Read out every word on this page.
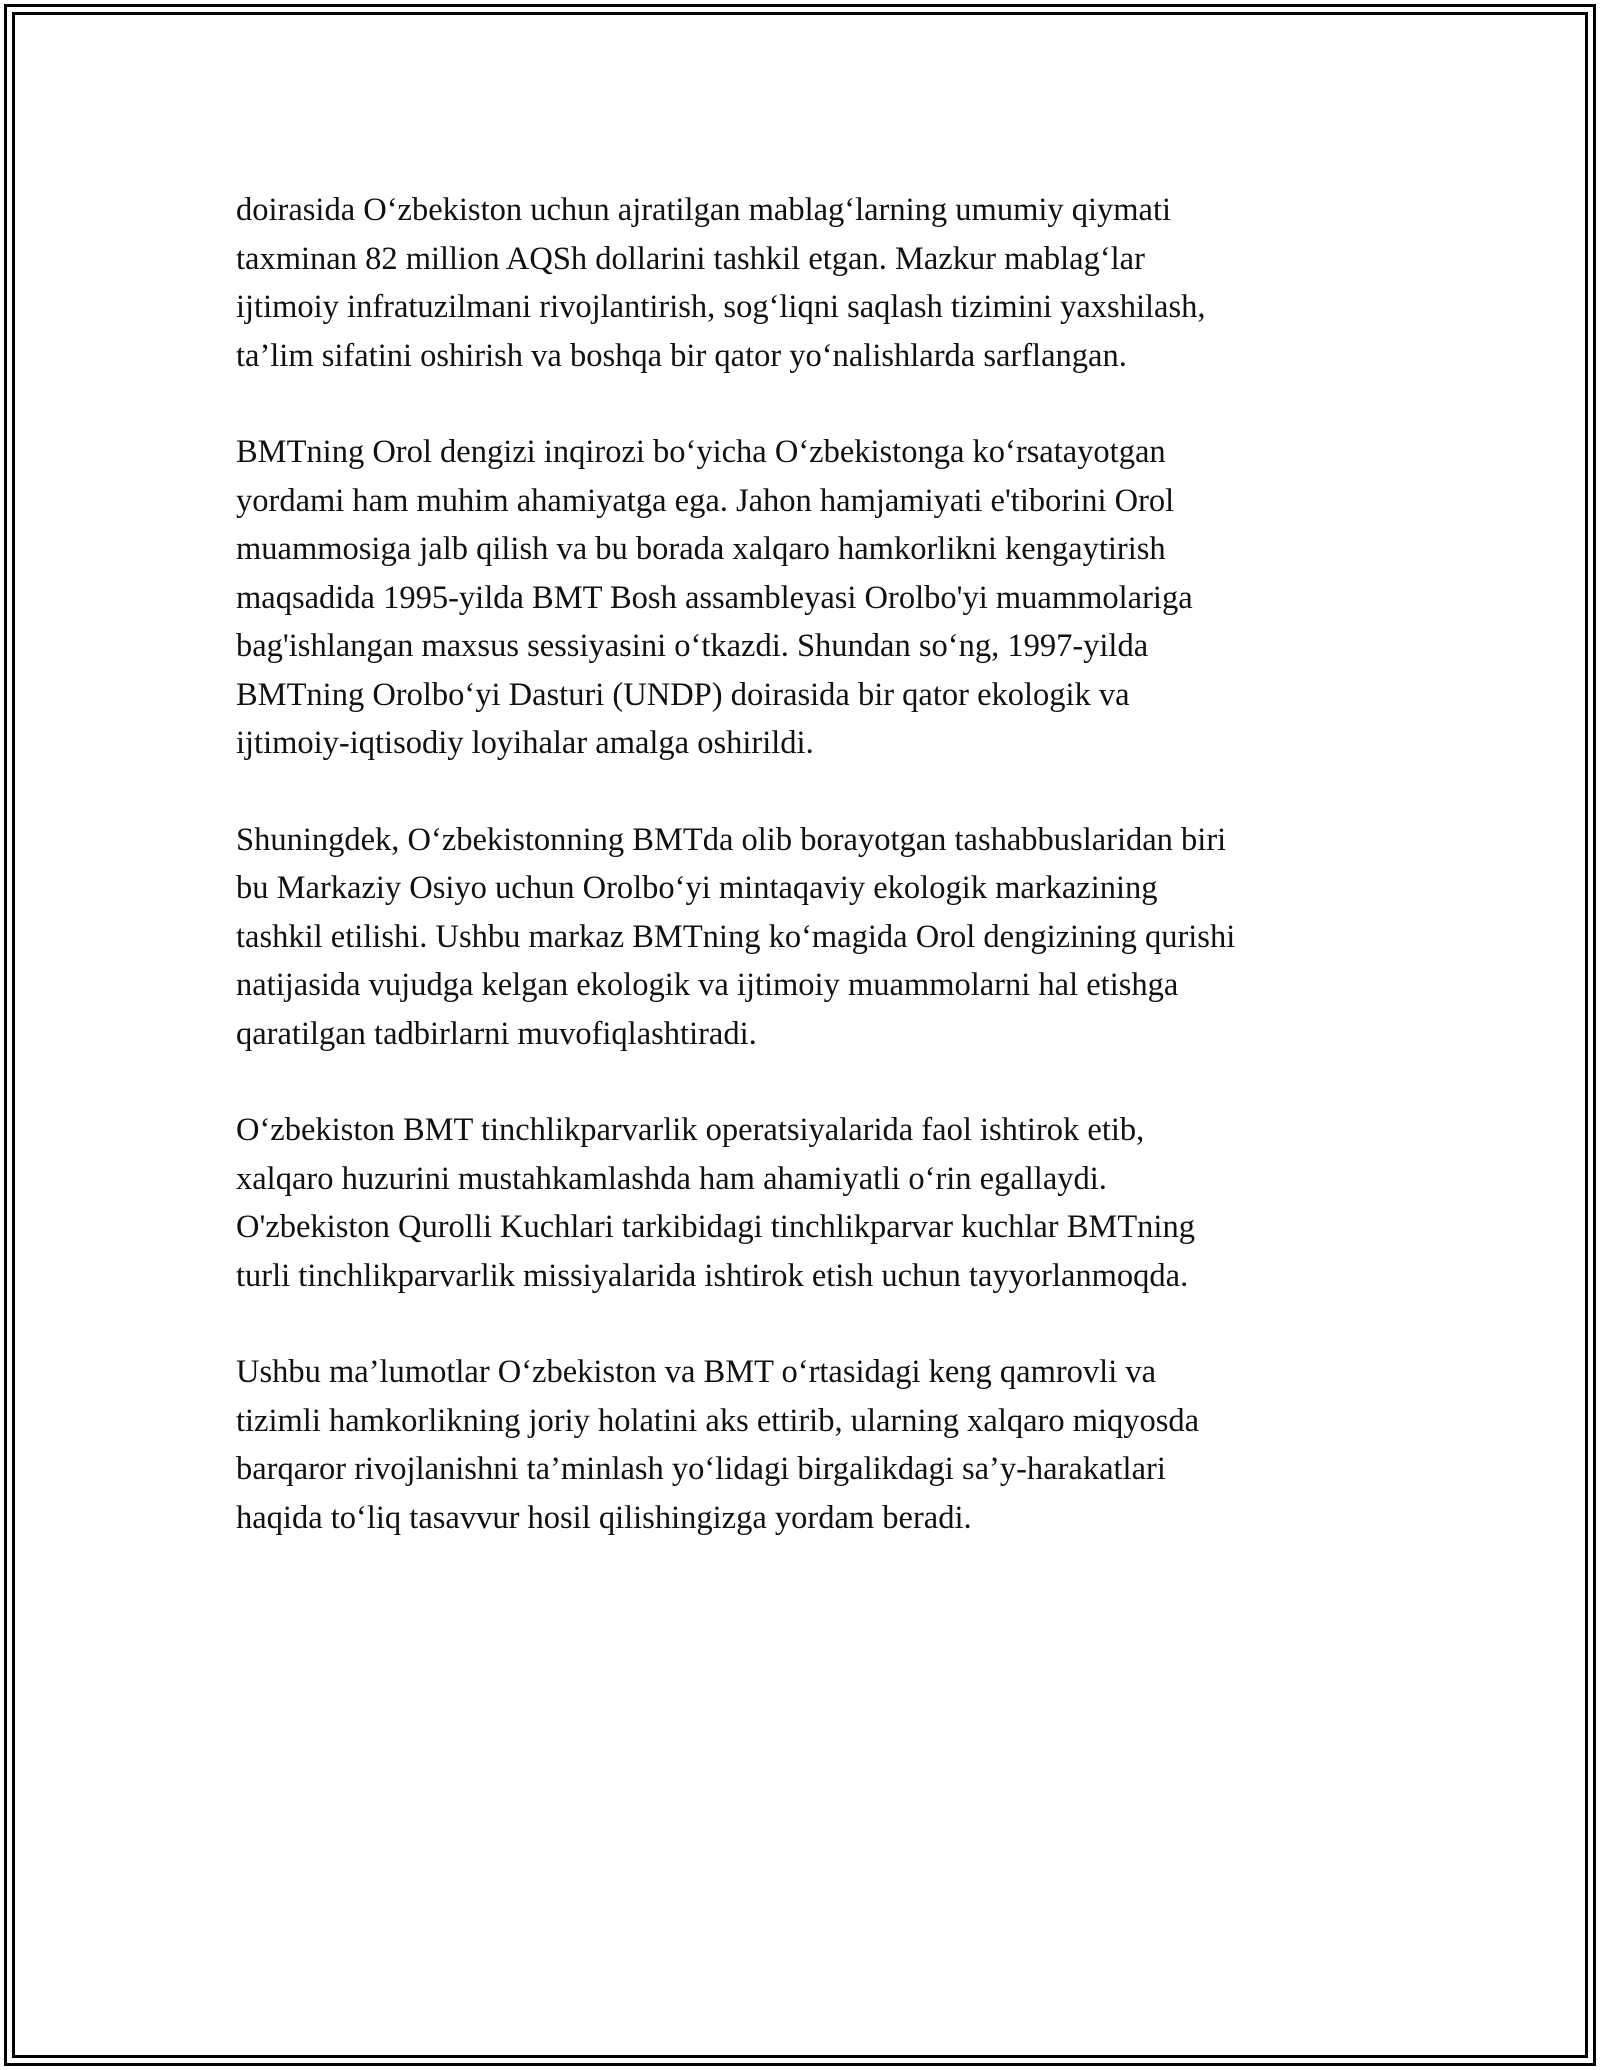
doirasida O‘zbekiston uchun ajratilgan mablag‘larning umumiy qiymati
taxminan 82 million AQSh dollarini tashkil etgan. Mazkur mablag‘lar
ijtimoiy infratuzilmani rivojlantirish, sog‘liqni saqlash tizimini yaxshilash,
ta’lim sifatini oshirish va boshqa bir qator yo‘nalishlarda sarflangan.

BMTning Orol dengizi inqirozi bo‘yicha O‘zbekistonga ko‘rsatayotgan
yordami ham muhim ahamiyatga ega. Jahon hamjamiyati e'tiborini Orol
muammosiga jalb qilish va bu borada xalqaro hamkorlikni kengaytirish
maqsadida 1995-yilda BMT Bosh assambleyasi Orolbo'yi muammolariga
bag'ishlangan maxsus sessiyasini o‘tkazdi. Shundan so‘ng, 1997-yilda
BMTning Orolbo‘yi Dasturi (UNDP) doirasida bir qator ekologik va
ijtimoiy-iqtisodiy loyihalar amalga oshirildi.

Shuningdek, O‘zbekistonning BMTda olib borayotgan tashabbuslaridan biri
bu Markaziy Osiyo uchun Orolbo‘yi mintaqaviy ekologik markazining
tashkil etilishi. Ushbu markaz BMTning ko‘magida Orol dengizining qurishi
natijasida vujudga kelgan ekologik va ijtimoiy muammolarni hal etishga
qaratilgan tadbirlarni muvofiqlashtiradi.

O‘zbekiston BMT tinchlikparvarlik operatsiyalarida faol ishtirok etib,
xalqaro huzurini mustahkamlashda ham ahamiyatli o‘rin egallaydi.
O'zbekiston Qurolli Kuchlari tarkibidagi tinchlikparvar kuchlar BMTning
turli tinchlikparvarlik missiyalarida ishtirok etish uchun tayyorlanmoqda.

Ushbu ma’lumotlar O‘zbekiston va BMT o‘rtasidagi keng qamrovli va
tizimli hamkorlikning joriy holatini aks ettirib, ularning xalqaro miqyosda
barqaror rivojlanishni ta’minlash yo‘lidagi birgalikdagi sa’y-harakatlari
haqida to‘liq tasavvur hosil qilishingizga yordam beradi.
